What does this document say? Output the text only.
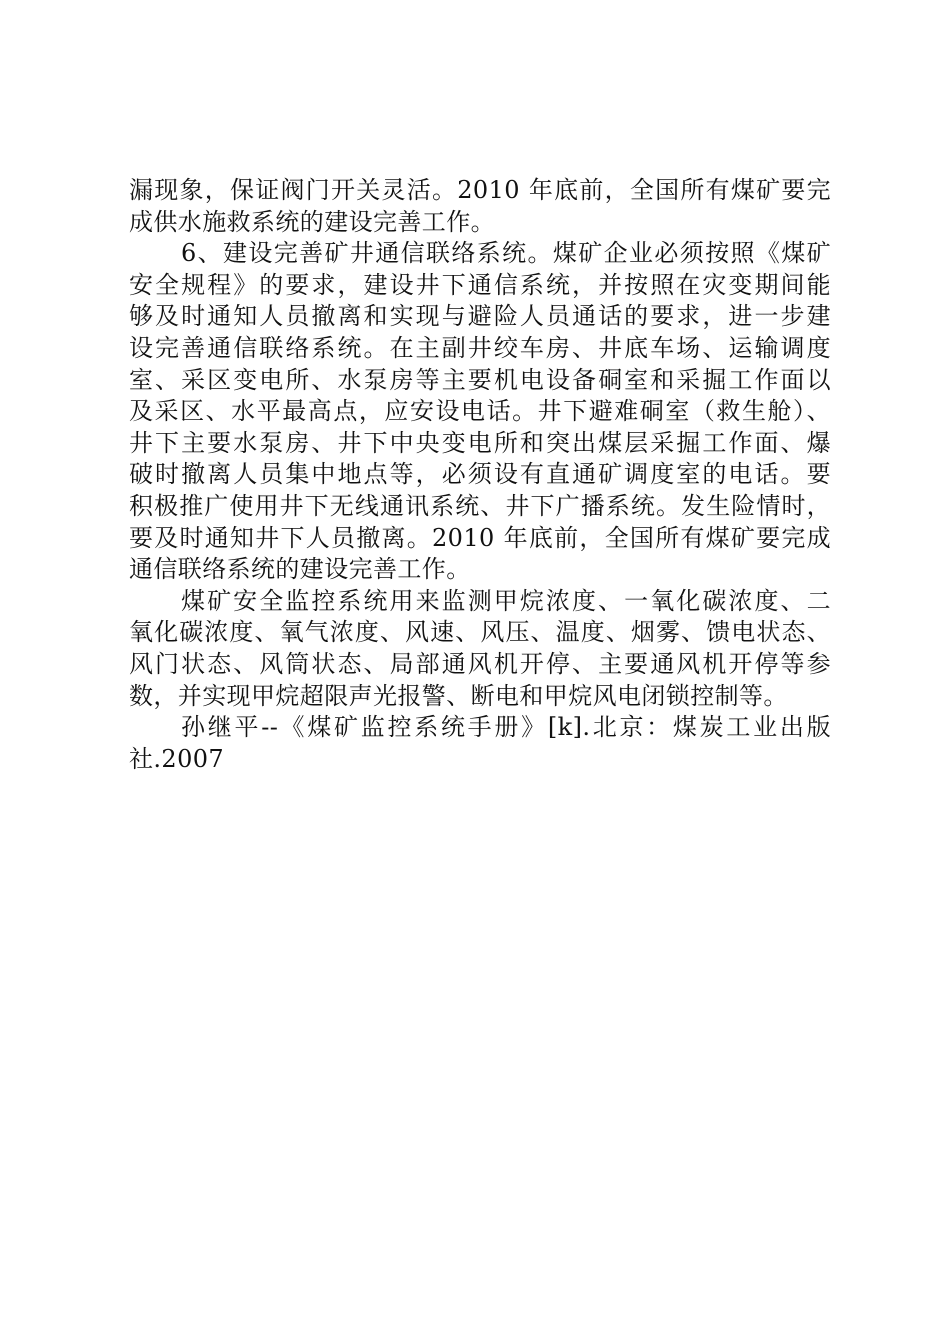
漏现象，保证阀门开关灵活。2010 年底前，全国所有煤矿要完
成供水施救系统的建设完善工作。
6、建设完善矿井通信联络系统。煤矿企业必须按照《煤矿
安全规程》的要求，建设井下通信系统，并按照在灾变期间能
够及时通知人员撤离和实现与避险人员通话的要求，进一步建
设完善通信联络系统。在主副井绞车房、井底车场、运输调度
室、采区变电所、水泵房等主要机电设备硐室和采掘工作面以
及采区、水平最高点，应安设电话。井下避难硐室（救生舱）、
井下主要水泵房、井下中央变电所和突出煤层采掘工作面、爆
破时撤离人员集中地点等，必须设有直通矿调度室的电话。要
积极推广使用井下无线通讯系统、井下广播系统。发生险情时，
要及时通知井下人员撤离。2010 年底前，全国所有煤矿要完成
通信联络系统的建设完善工作。
煤矿安全监控系统用来监测甲烷浓度、一氧化碳浓度、二
氧化碳浓度、氧气浓度、风速、风压、温度、烟雾、馈电状态、
风门状态、风筒状态、局部通风机开停、主要通风机开停等参
数，并实现甲烷超限声光报警、断电和甲烷风电闭锁控制等。
孙继平--《煤矿监控系统手册》[k].北京：煤炭工业出版
社.2007
